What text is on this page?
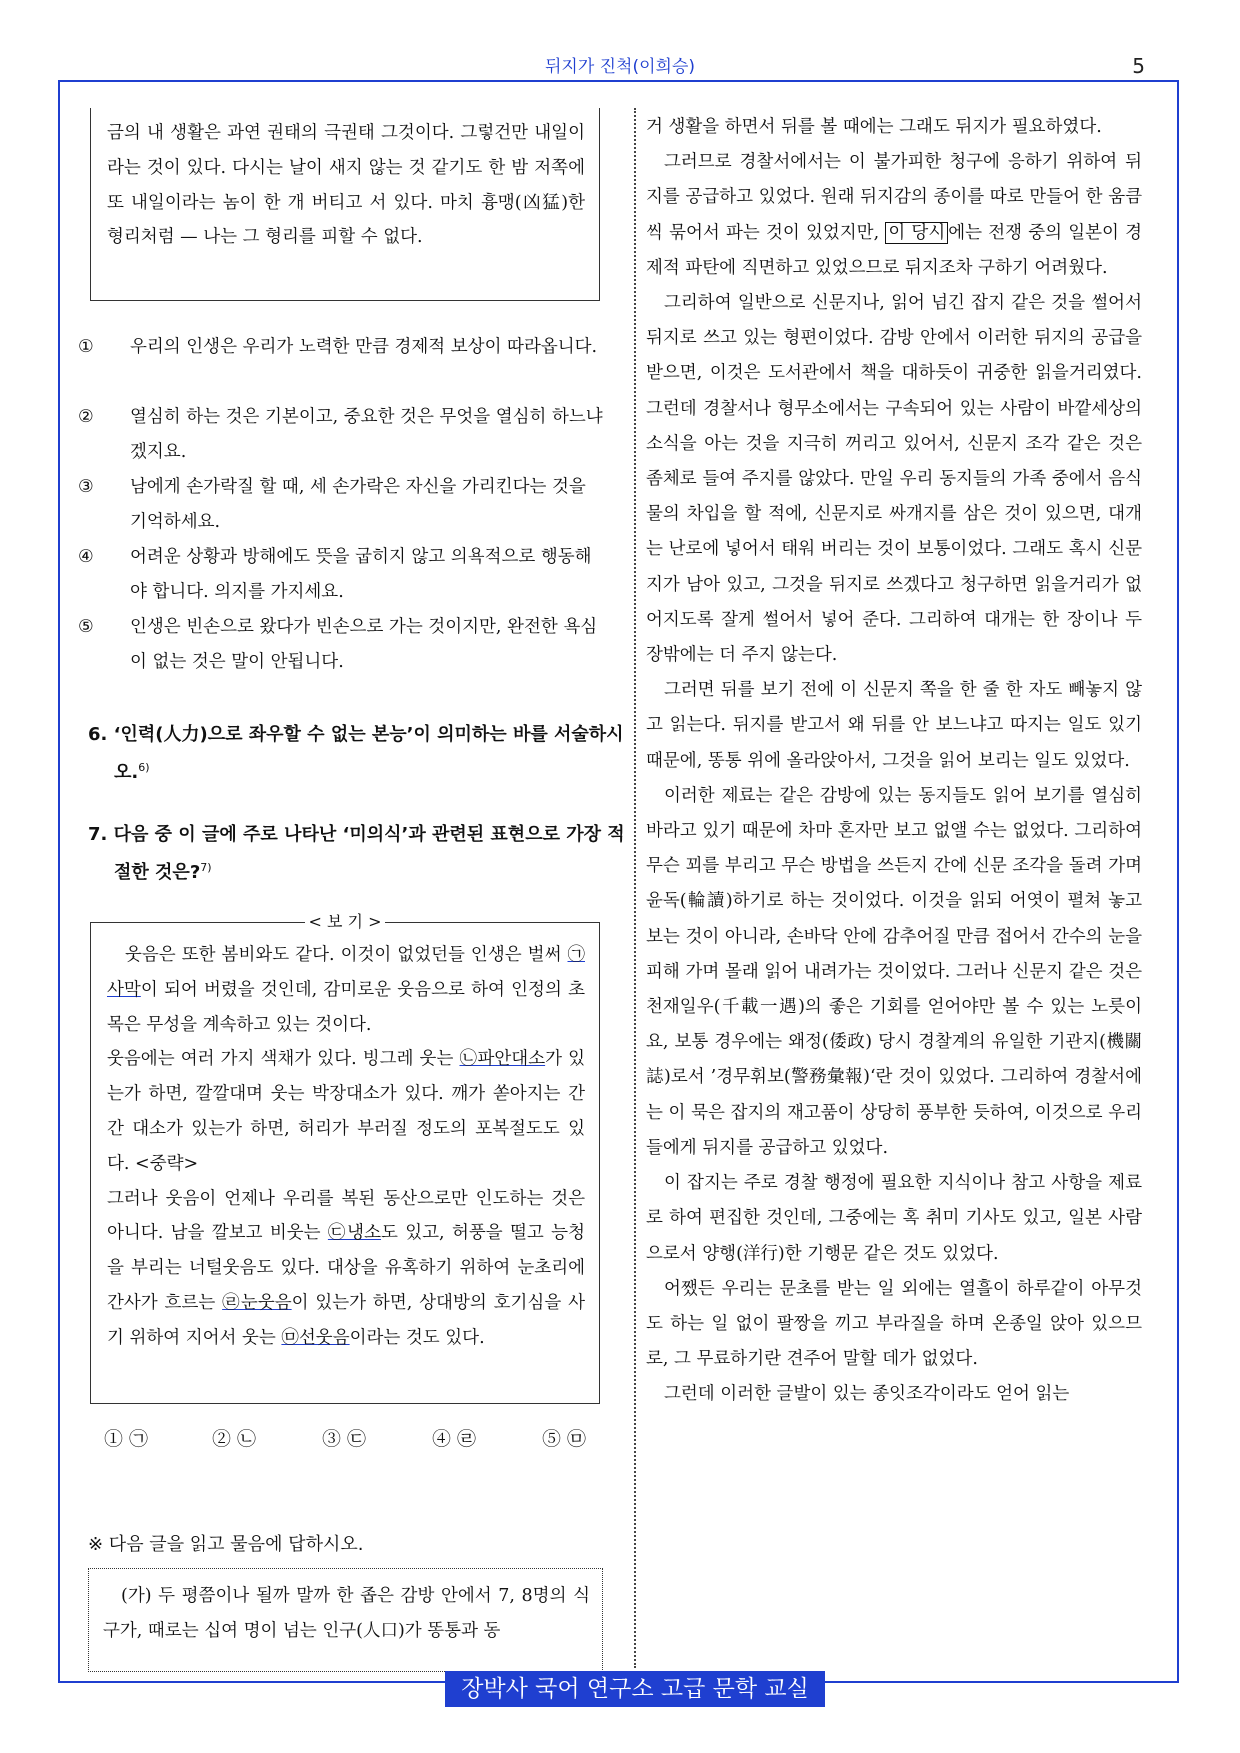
뒤지가 진척(이희승)	5
금의 내 생활은 과연 권태의 극권태 그것이다. 그렇건만 내일이라는 것이 있다. 다시는 날이 새지 않는 것 같기도 한 밤 저쪽에 또 내일이라는 놈이 한 개 버티고 서 있다. 마치 흉맹(凶猛)한 형리처럼 — 나는 그 형리를 피할 수 없다.
① 우리의 인생은 우리가 노력한 만큼 경제적 보상이 따라옵니다.
② 열심히 하는 것은 기본이고, 중요한 것은 무엇을 열심히 하느냐겠지요.
③ 남에게 손가락질 할 때, 세 손가락은 자신을 가리킨다는 것을 기억하세요.
④ 어려운 상황과 방해에도 뜻을 굽히지 않고 의욕적으로 행동해야 합니다. 의지를 가지세요.
⑤ 인생은 빈손으로 왔다가 빈손으로 가는 것이지만, 완전한 욕심이 없는 것은 말이 안됩니다.
6. ‘인력(人力)으로 좌우할 수 없는 본능’이 의미하는 바를 서술하시오.$^{6)}$
7. 다음 중 이 글에 주로 나타난 ‘미의식’과 관련된 표현으로 가장 적절한 것은?$^{7)}$
< 보 기 >
웃음은 또한 봄비와도 같다. 이것이 없었던들 인생은 벌써 ㉠사막이 되어 버렸을 것인데, 감미로운 웃음으로 하여 인정의 초목은 무성을 계속하고 있는 것이다.
웃음에는 여러 가지 색채가 있다. 빙그레 웃는 ㉡파안대소가 있는가 하면, 깔깔대며 웃는 박장대소가 있다. 깨가 쏟아지는 간간 대소가 있는가 하면, 허리가 부러질 정도의 포복절도도 있다. <중략>
그러나 웃음이 언제나 우리를 복된 동산으로만 인도하는 것은 아니다. 남을 깔보고 비웃는 ㉢냉소도 있고, 허풍을 떨고 능청을 부리는 너털웃음도 있다. 대상을 유혹하기 위하여 눈초리에 간사가 흐르는 ㉣눈웃음이 있는가 하면, 상대방의 호기심을 사기 위하여 지어서 웃는 ㉤선웃음이라는 것도 있다.
① ㉠	② ㉡	③ ㉢	④ ㉣	⑤ ㉤
※ 다음 글을 읽고 물음에 답하시오.
(가) 두 평쯤이나 될까 말까 한 좁은 감방 안에서 7, 8명의 식구가, 때로는 십여 명이 넘는 인구(人口)가 똥통과 동

거 생활을 하면서 뒤를 볼 때에는 그래도 뒤지가 필요하였다.

그러므로 경찰서에서는 이 불가피한 청구에 응하기 위하여 뒤지를 공급하고 있었다. 원래 뒤지감의 종이를 따로 만들어 한 움큼씩 묶어서 파는 것이 있었지만, 이 당시 에는 전쟁 중의 일본이 경제적 파탄에 직면하고 있었으므로 뒤지조차 구하기 어려웠다.

그리하여 일반으로 신문지나, 읽어 넘긴 잡지 같은 것을 썰어서 뒤지로 쓰고 있는 형편이었다. 감방 안에서 이러한 뒤지의 공급을 받으면, 이것은 도서관에서 책을 대하듯이 귀중한 읽을거리였다. 그런데 경찰서나 형무소에서는 구속되어 있는 사람이 바깥세상의 소식을 아는 것을 지극히 꺼리고 있어서, 신문지 조각 같은 것은 좀체로 들여 주지를 않았다. 만일 우리 동지들의 가족 중에서 음식물의 차입을 할 적에, 신문지로 싸개지를 삼은 것이 있으면, 대개는 난로에 넣어서 태워 버리는 것이 보통이었다. 그래도 혹시 신문지가 남아 있고, 그것을 뒤지로 쓰겠다고 청구하면 읽을거리가 없어지도록 잘게 썰어서 넣어 준다. 그리하여 대개는 한 장이나 두 장밖에는 더 주지 않는다.

그러면 뒤를 보기 전에 이 신문지 쪽을 한 줄 한 자도 빼놓지 않고 읽는다. 뒤지를 받고서 왜 뒤를 안 보느냐고 따지는 일도 있기 때문에, 똥통 위에 올라앉아서, 그것을 읽어 보리는 일도 있었다.

이러한 제료는 같은 감방에 있는 동지들도 읽어 보기를 열심히 바라고 있기 때문에 차마 혼자만 보고 없앨 수는 없었다. 그리하여 무슨 꾀를 부리고 무슨 방법을 쓰든지 간에 신문 조각을 돌려 가며 윤독(輪讀)하기로 하는 것이었다. 이것을 읽되 어엿이 펼쳐 놓고 보는 것이 아니라, 손바닥 안에 감추어질 만큼 접어서 간수의 눈을 피해 가며 몰래 읽어 내려가는 것이었다. 그러나 신문지 같은 것은 천재일우(千載一遇)의 좋은 기회를 얻어야만 볼 수 있는 노릇이요, 보통 경우에는 왜정(倭政) 당시 경찰계의 유일한 기관지(機關誌)로서 ’경무휘보(警務彙報)‘란 것이 있었다. 그리하여 경찰서에는 이 묵은 잡지의 재고품이 상당히 풍부한 듯하여, 이것으로 우리들에게 뒤지를 공급하고 있었다.

이 잡지는 주로 경찰 행정에 필요한 지식이나 참고 사항을 제료로 하여 편집한 것인데, 그중에는 혹 취미 기사도 있고, 일본 사람으로서 양행(洋行)한 기행문 같은 것도 있었다.

어쨌든 우리는 문초를 받는 일 외에는 열흘이 하루같이 아무것도 하는 일 없이 팔짱을 끼고 부라질을 하며 온종일 앉아 있으므로, 그 무료하기란 견주어 말할 데가 없었다.

그런데 이러한 글발이 있는 종잇조각이라도 얻어 읽는

장박사 국어 연구소 고급 문학 교실
